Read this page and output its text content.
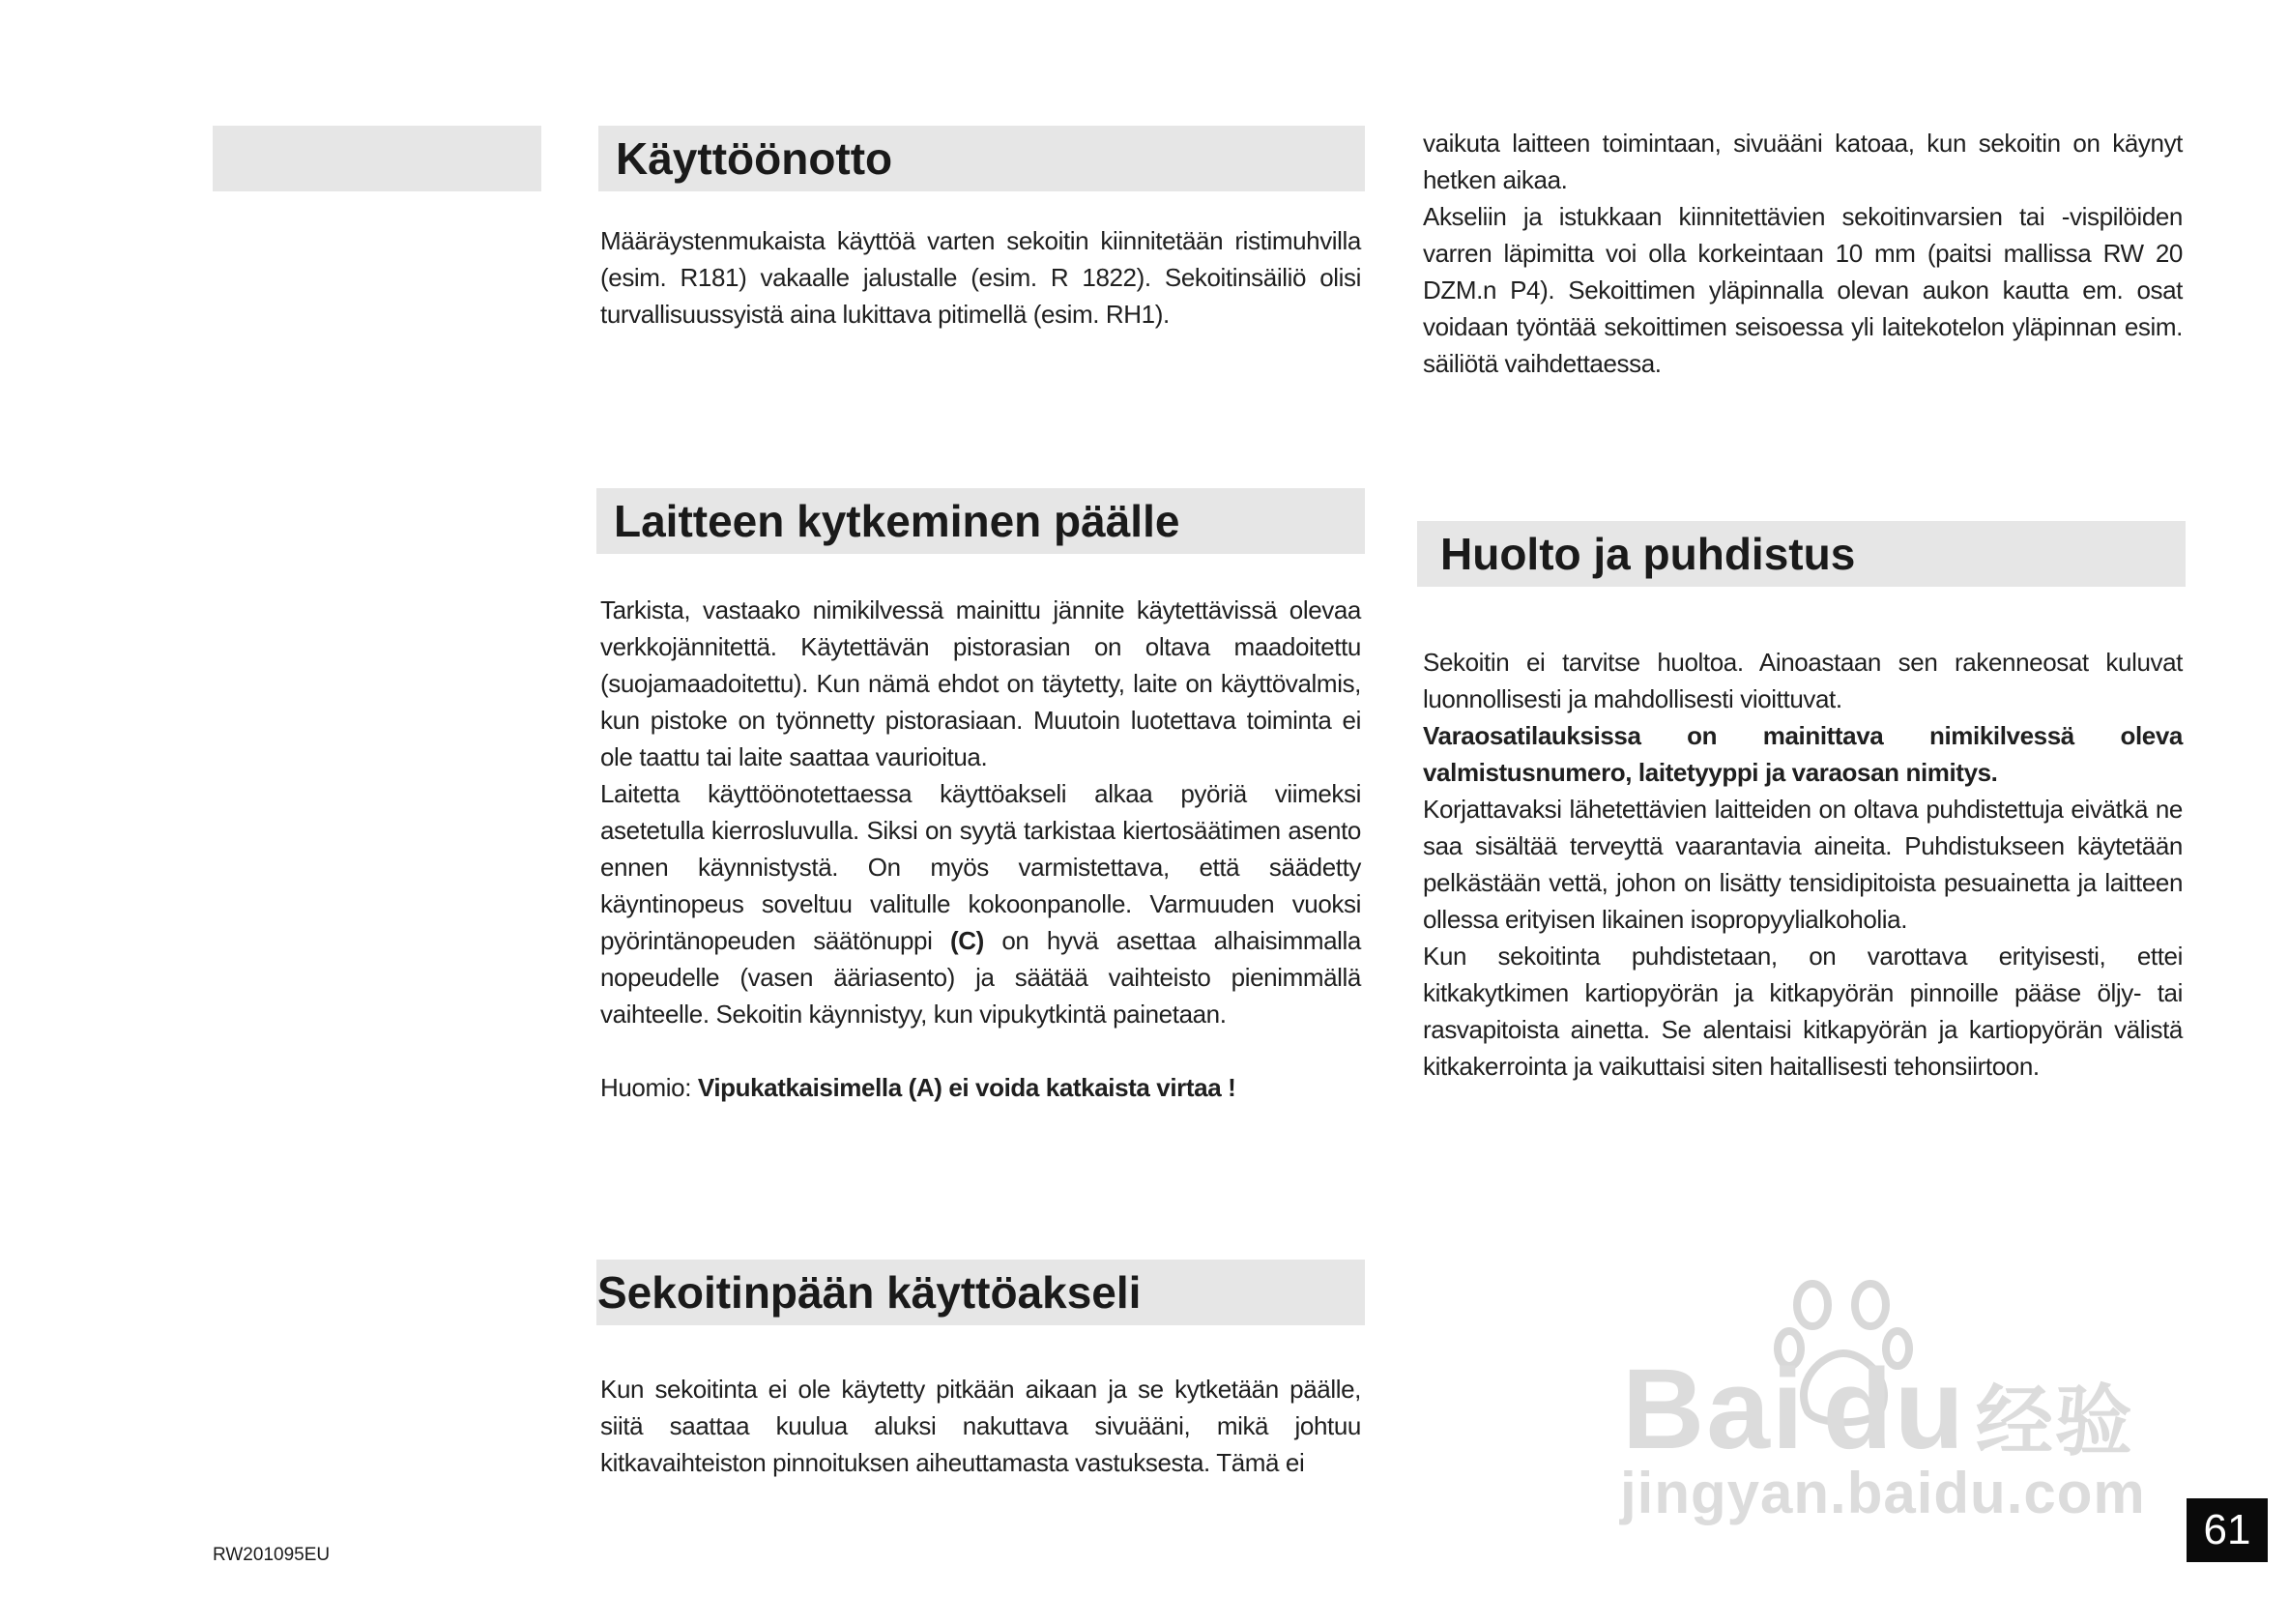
Käyttöönotto

Määräystenmukaista käyttöä varten sekoitin kiinnitetään ristimuhvilla (esim. R181) vakaalle jalustalle (esim. R 1822). Sekoitinsäiliö olisi turvallisuussyistä aina lukittava pitimellä (esim. RH1).

Laitteen kytkeminen päälle

Tarkista, vastaako nimikilvessä mainittu jännite käytettävissä olevaa verkkojännitettä. Käytettävän pistorasian on oltava maadoitettu (suojamaadoitettu). Kun nämä ehdot on täytetty, laite on käyttövalmis, kun pistoke on työnnetty pistorasiaan. Muutoin luotettava toiminta ei ole taattu tai laite saattaa vaurioitua.

Laitetta käyttöönotettaessa käyttöakseli alkaa pyöriä viimeksi asetetulla kierrosluvulla. Siksi on syytä tarkistaa kiertosäätimen asento ennen käynnistystä. On myös varmistettava, että säädetty käyntinopeus soveltuu valitulle kokoonpanolle. Varmuuden vuoksi pyörintänopeuden säätönuppi (C) on hyvä asettaa alhaisimmalla nopeudelle (vasen ääriasento) ja säätää vaihteisto pienimmällä vaihteelle. Sekoitin käynnistyy, kun vipukytkintä painetaan.

Huomio: Vipukatkaisimella (A) ei voida katkaista virtaa !

Sekoitinpään käyttöakseli

Kun sekoitinta ei ole käytetty pitkään aikaan ja se kytketään päälle, siitä saattaa kuulua aluksi nakuttava sivuääni, mikä johtuu kitkavaihteiston pinnoituksen aiheuttamasta vastuksesta. Tämä ei

vaikuta laitteen toimintaan, sivuääni katoaa, kun sekoitin on käynyt hetken aikaa.

Akseliin ja istukkaan kiinnitettävien sekoitinvarsien tai -vispilöiden varren läpimitta voi olla korkeintaan 10 mm (paitsi mallissa RW 20 DZM.n P4). Sekoittimen yläpinnalla olevan aukon kautta em. osat voidaan työntää sekoittimen seisoessa yli laitekotelon yläpinnan esim. säiliötä vaihdettaessa.

Huolto ja puhdistus

Sekoitin ei tarvitse huoltoa. Ainoastaan sen rakenneosat kuluvat luonnollisesti ja mahdollisesti vioittuvat.

Varaosatilauksissa on mainittava nimikilvessä oleva valmistusnumero, laitetyyppi ja varaosan nimitys.

Korjattavaksi lähetettävien laitteiden on oltava puhdistettuja eivätkä ne saa sisältää terveyttä vaarantavia aineita. Puhdistukseen käytetään pelkästään vettä, johon on lisätty tensidipitoista pesuainetta ja laitteen ollessa erityisen likainen isopropyylialkoholia.

Kun sekoitinta puhdistetaan, on varottava erityisesti, ettei kitkakytkimen kartiopyörän ja kitkapyörän pinnoille pääse öljy- tai rasvapitoista ainetta. Se alentaisi kitkapyörän ja kartiopyörän välistä kitkakerrointa ja vaikuttaisi siten haitallisesti tehonsiirtoon.

Bai du 经验
jingyan.baidu.com
RW201095EU
61
